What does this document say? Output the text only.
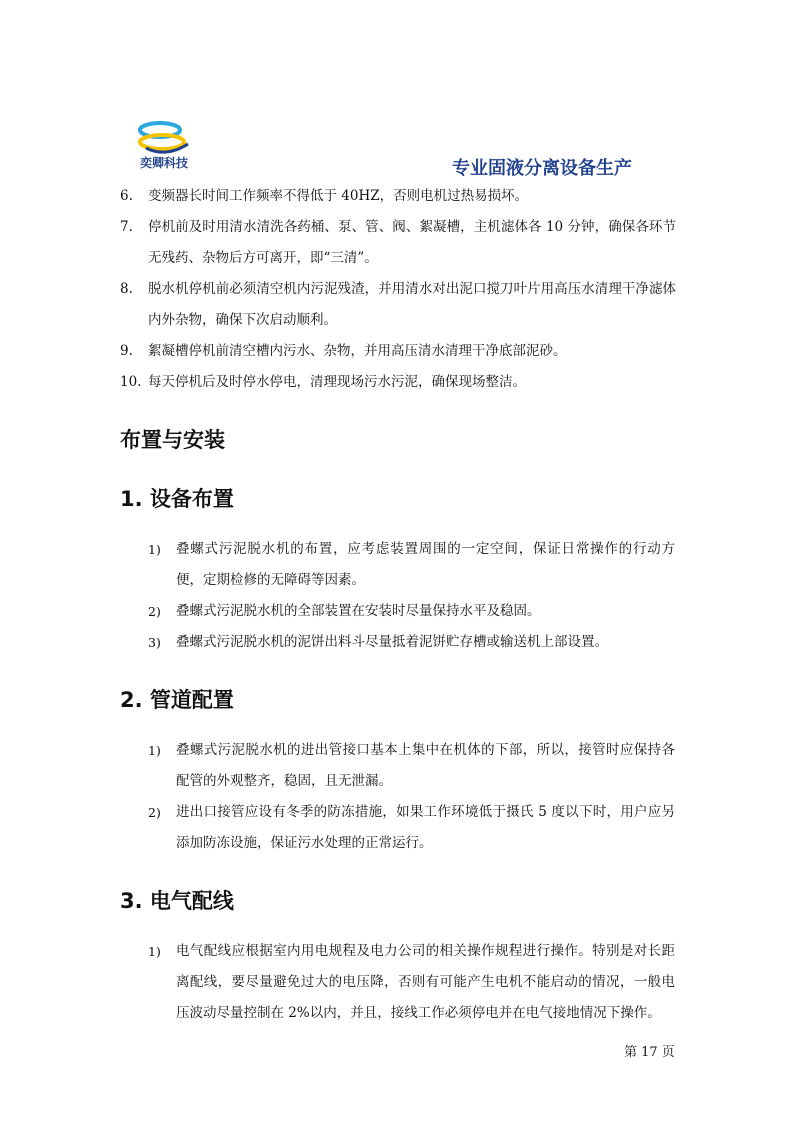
奕卿科技	专业固液分离设备生产
6. 变频器长时间工作频率不得低于 40HZ，否则电机过热易损坏。
7. 停机前及时用清水清洗各药桶、泵、管、阀、絮凝槽，主机滤体各 10 分钟，确保各环节无残药、杂物后方可离开，即“三清”。
8. 脱水机停机前必须清空机内污泥残渣，并用清水对出泥口搅刀叶片用高压水清理干净滤体内外杂物，确保下次启动顺利。
9. 絮凝槽停机前清空槽内污水、杂物，并用高压清水清理干净底部泥砂。
10. 每天停机后及时停水停电，清理现场污水污泥，确保现场整洁。
布置与安装
1. 设备布置
1) 叠螺式污泥脱水机的布置，应考虑装置周围的一定空间，保证日常操作的行动方便，定期检修的无障碍等因素。
2) 叠螺式污泥脱水机的全部装置在安装时尽量保持水平及稳固。
3) 叠螺式污泥脱水机的泥饼出料斗尽量抵着泥饼贮存槽或输送机上部设置。
2. 管道配置
1) 叠螺式污泥脱水机的进出管接口基本上集中在机体的下部，所以，接管时应保持各配管的外观整齐，稳固，且无泄漏。
2) 进出口接管应设有冬季的防冻措施，如果工作环境低于摄氏 5 度以下时，用户应另添加防冻设施，保证污水处理的正常运行。
3. 电气配线
1) 电气配线应根据室内用电规程及电力公司的相关操作规程进行操作。特别是对长距离配线，要尽量避免过大的电压降，否则有可能产生电机不能启动的情况，一般电压波动尽量控制在 2%以内，并且，接线工作必须停电并在电气接地情况下操作。
第 17 页
